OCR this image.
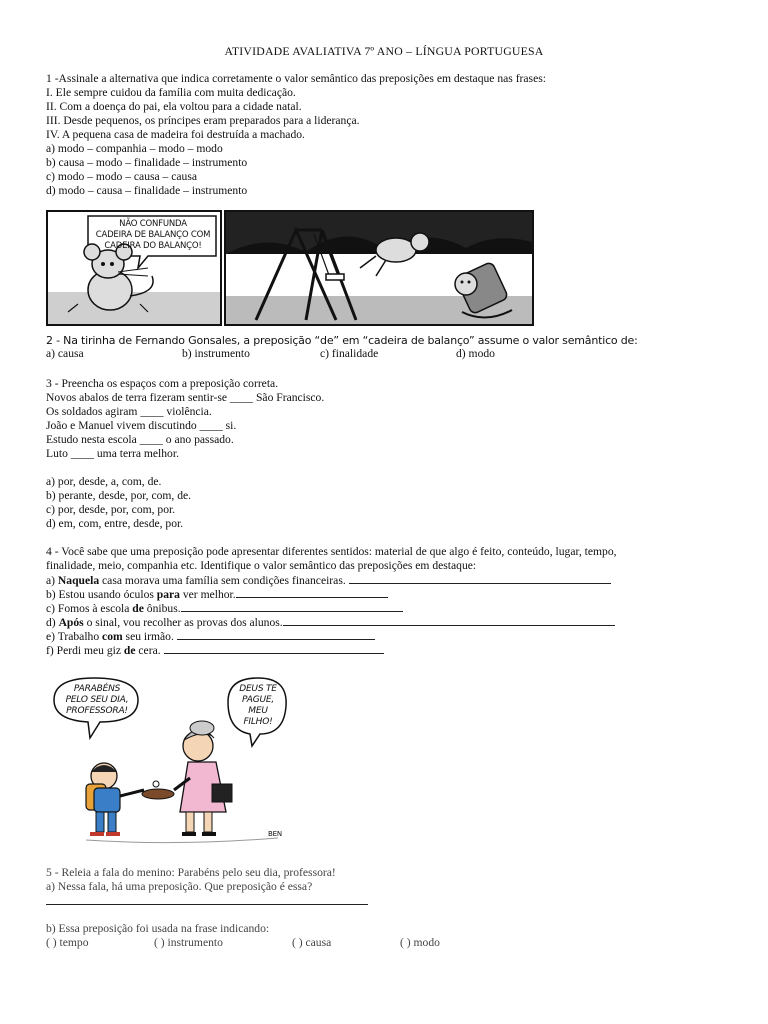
ATIVIDADE AVALIATIVA 7º ANO – LÍNGUA PORTUGUESA
1 -Assinale a alternativa que indica corretamente o valor semântico das preposições em destaque nas frases:
I. Ele sempre cuidou da família com muita dedicação.
II. Com a doença do pai, ela voltou para a cidade natal.
III. Desde pequenos, os príncipes eram preparados para a liderança.
IV. A pequena casa de madeira foi destruída a machado.
a) modo – companhia – modo – modo
b) causa – modo – finalidade – instrumento
c) modo – modo – causa – causa
d) modo – causa – finalidade – instrumento
NÃO CONFUNDA
CADEIRA DE BALANÇO COM
CADEIRA DO BALANÇO!
2 - Na tirinha de Fernando Gonsales, a preposição “de” em “cadeira de balanço” assume o valor semântico de:
a) causa	b) instrumento	c) finalidade	d) modo
3 - Preencha os espaços com a preposição correta.
Novos abalos de terra fizeram sentir-se ____ São Francisco.
Os soldados agiram ____ violência.
João e Manuel vivem discutindo ____ si.
Estudo nesta escola ____ o ano passado.
Luto ____ uma terra melhor.
a) por, desde, a, com, de.
b) perante, desde, por, com, de.
c) por, desde, por, com, por.
d) em, com, entre, desde, por.
4 - Você sabe que uma preposição pode apresentar diferentes sentidos: material de que algo é feito, conteúdo, lugar, tempo,
finalidade, meio, companhia etc. Identifique o valor semântico das preposições em destaque:
a) Naquela casa morava uma família sem condições financeiras.
b) Estou usando óculos para ver melhor.
c) Fomos à escola de ônibus.
d) Após o sinal, vou recolher as provas dos alunos.
e) Trabalho com seu irmão.
f) Perdi meu giz de cera.
PARABÉNS
PELO SEU DIA,
PROFESSORA!
DEUS TE
PAGUE,
MEU
FILHO!
BEN
5 - Releia a fala do menino: Parabéns pelo seu dia, professora!
a) Nessa fala, há uma preposição. Que preposição é essa?
b) Essa preposição foi usada na frase indicando:
( ) tempo	( ) instrumento	( ) causa	( ) modo
